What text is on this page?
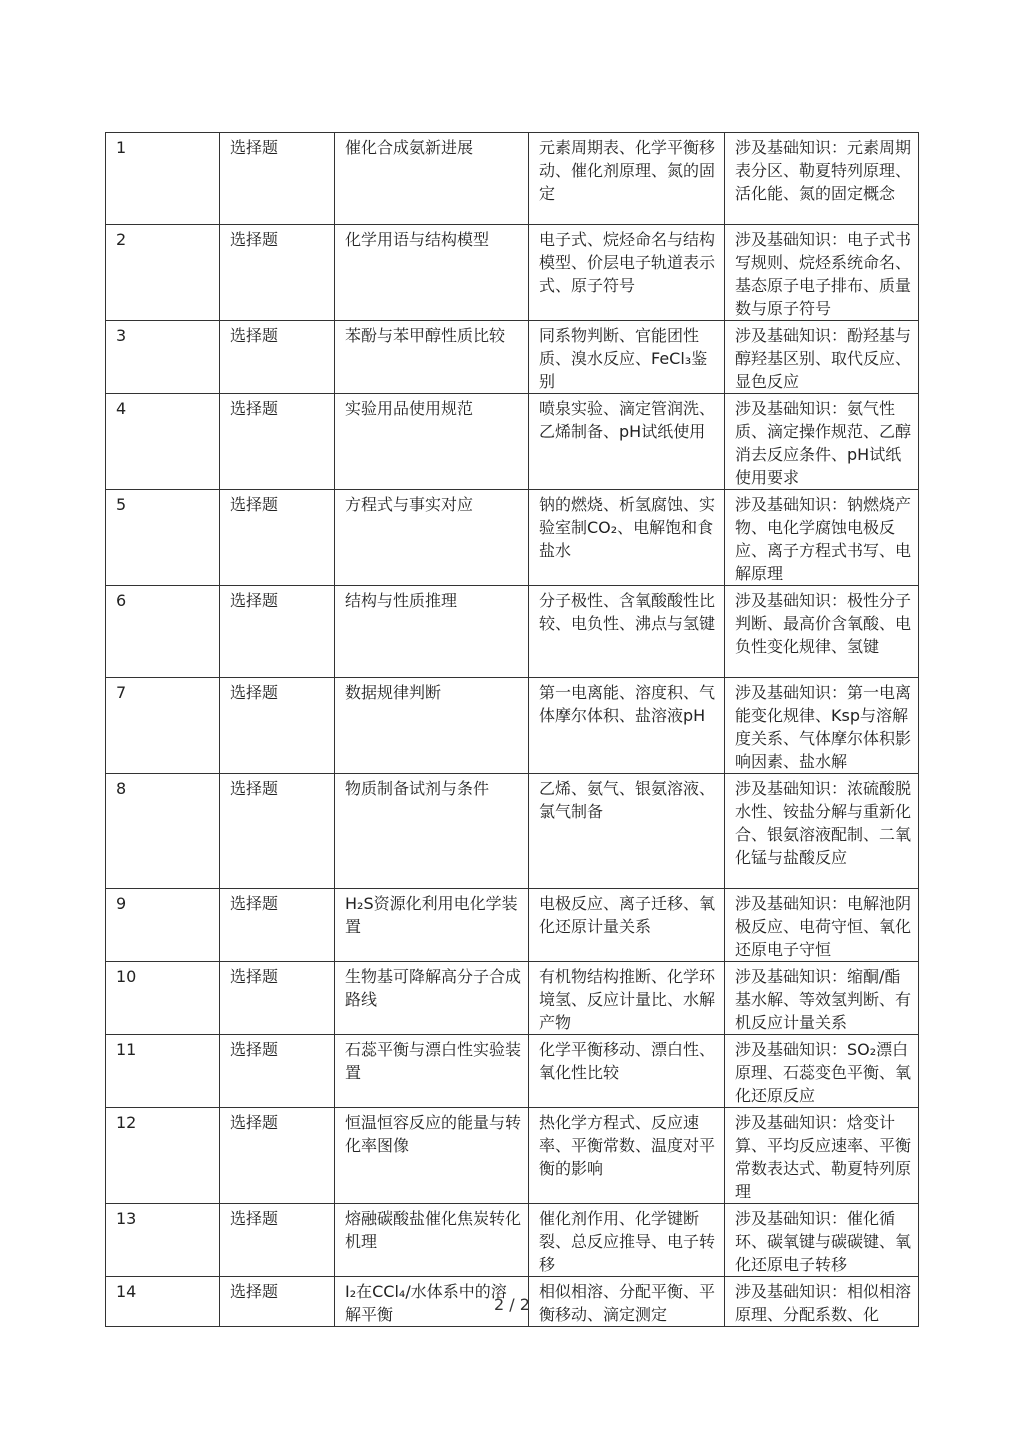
1	选择题	催化合成氨新进展	元素周期表、化学平衡移动、催化剂原理、氮的固定	涉及基础知识：元素周期表分区、勒夏特列原理、活化能、氮的固定概念
2	选择题	化学用语与结构模型	电子式、烷烃命名与结构模型、价层电子轨道表示式、原子符号	涉及基础知识：电子式书写规则、烷烃系统命名、基态原子电子排布、质量数与原子符号
3	选择题	苯酚与苯甲醇性质比较	同系物判断、官能团性质、溴水反应、FeCl₃鉴别	涉及基础知识：酚羟基与醇羟基区别、取代反应、显色反应
4	选择题	实验用品使用规范	喷泉实验、滴定管润洗、乙烯制备、pH试纸使用	涉及基础知识：氨气性质、滴定操作规范、乙醇消去反应条件、pH试纸使用要求
5	选择题	方程式与事实对应	钠的燃烧、析氢腐蚀、实验室制CO₂、电解饱和食盐水	涉及基础知识：钠燃烧产物、电化学腐蚀电极反应、离子方程式书写、电解原理
6	选择题	结构与性质推理	分子极性、含氧酸酸性比较、电负性、沸点与氢键	涉及基础知识：极性分子判断、最高价含氧酸、电负性变化规律、氢键
7	选择题	数据规律判断	第一电离能、溶度积、气体摩尔体积、盐溶液pH	涉及基础知识：第一电离能变化规律、Ksp与溶解度关系、气体摩尔体积影响因素、盐水解
8	选择题	物质制备试剂与条件	乙烯、氨气、银氨溶液、氯气制备	涉及基础知识：浓硫酸脱水性、铵盐分解与重新化合、银氨溶液配制、二氧化锰与盐酸反应
9	选择题	H₂S资源化利用电化学装置	电极反应、离子迁移、氧化还原计量关系	涉及基础知识：电解池阴极反应、电荷守恒、氧化还原电子守恒
10	选择题	生物基可降解高分子合成路线	有机物结构推断、化学环境氢、反应计量比、水解产物	涉及基础知识：缩酮/酯基水解、等效氢判断、有机反应计量关系
11	选择题	石蕊平衡与漂白性实验装置	化学平衡移动、漂白性、氧化性比较	涉及基础知识：SO₂漂白原理、石蕊变色平衡、氧化还原反应
12	选择题	恒温恒容反应的能量与转化率图像	热化学方程式、反应速率、平衡常数、温度对平衡的影响	涉及基础知识：焓变计算、平均反应速率、平衡常数表达式、勒夏特列原理
13	选择题	熔融碳酸盐催化焦炭转化机理	催化剂作用、化学键断裂、总反应推导、电子转移	涉及基础知识：催化循环、碳氧键与碳碳键、氧化还原电子转移
14	选择题	I₂在CCl₄/水体系中的溶解平衡	相似相溶、分配平衡、平衡移动、滴定测定	涉及基础知识：相似相溶原理、分配系数、化
2 / 2
